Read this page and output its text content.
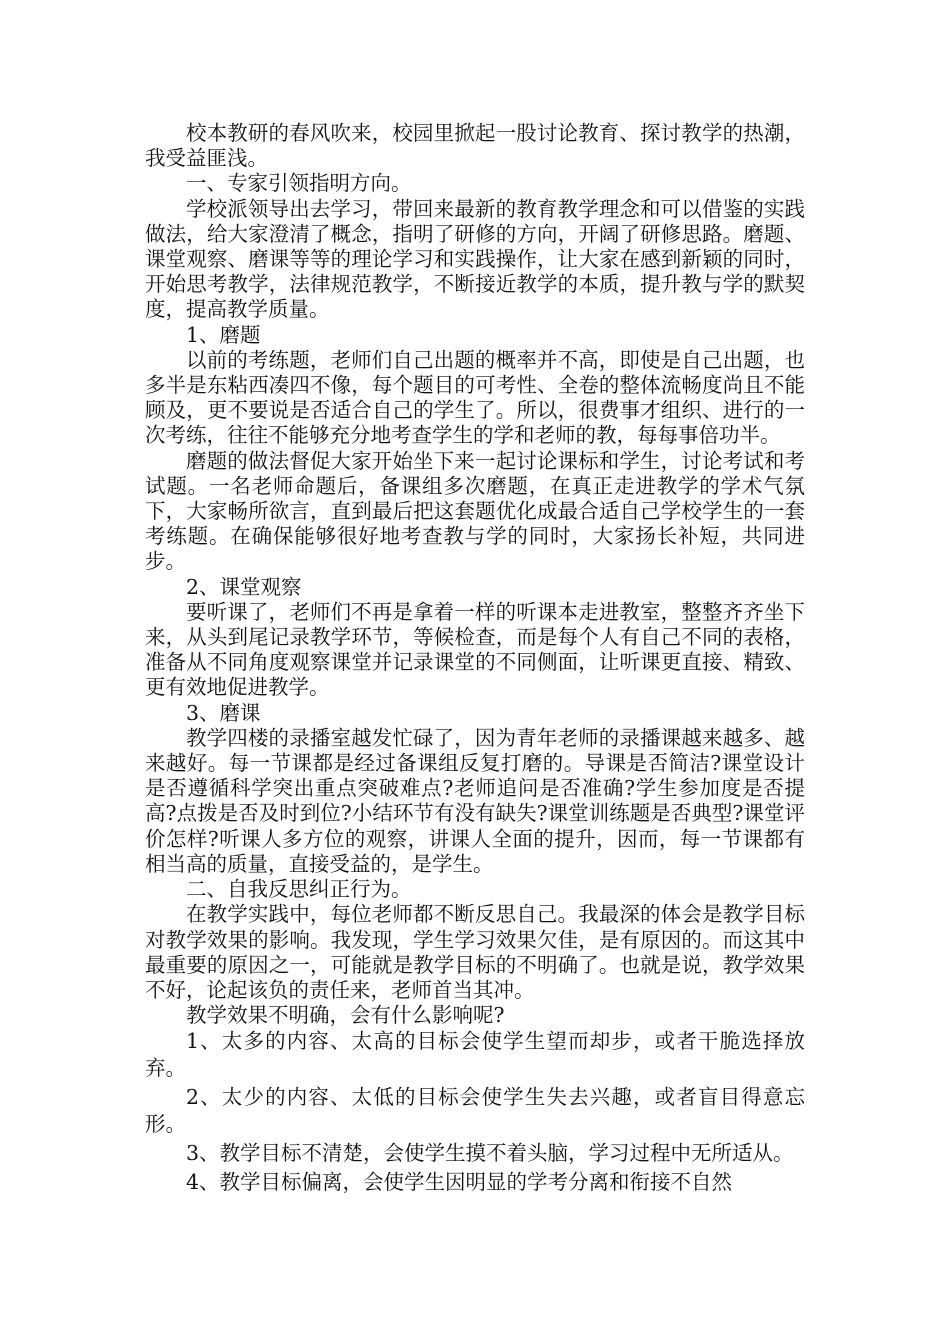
校本教研的春风吹来，校园里掀起一股讨论教育、探讨教学的热潮，我受益匪浅。

一、专家引领指明方向。

学校派领导出去学习，带回来最新的教育教学理念和可以借鉴的实践做法，给大家澄清了概念，指明了研修的方向，开阔了研修思路。磨题、课堂观察、磨课等等的理论学习和实践操作，让大家在感到新颖的同时，开始思考教学，法律规范教学，不断接近教学的本质，提升教与学的默契度，提高教学质量。

1、磨题

以前的考练题，老师们自己出题的概率并不高，即使是自己出题，也多半是东粘西凑四不像，每个题目的可考性、全卷的整体流畅度尚且不能顾及，更不要说是否适合自己的学生了。所以，很费事才组织、进行的一次考练，往往不能够充分地考查学生的学和老师的教，每每事倍功半。

磨题的做法督促大家开始坐下来一起讨论课标和学生，讨论考试和考试题。一名老师命题后，备课组多次磨题，在真正走进教学的学术气氛下，大家畅所欲言，直到最后把这套题优化成最合适自己学校学生的一套考练题。在确保能够很好地考查教与学的同时，大家扬长补短，共同进步。

2、课堂观察

要听课了，老师们不再是拿着一样的听课本走进教室，整整齐齐坐下来，从头到尾记录教学环节，等候检查，而是每个人有自己不同的表格，准备从不同角度观察课堂并记录课堂的不同侧面，让听课更直接、精致、更有效地促进教学。

3、磨课

教学四楼的录播室越发忙碌了，因为青年老师的录播课越来越多、越来越好。每一节课都是经过备课组反复打磨的。导课是否简洁?课堂设计是否遵循科学突出重点突破难点?老师追问是否准确?学生参加度是否提高?点拨是否及时到位?小结环节有没有缺失?课堂训练题是否典型?课堂评价怎样?听课人多方位的观察，讲课人全面的提升，因而，每一节课都有相当高的质量，直接受益的，是学生。

二、自我反思纠正行为。

在教学实践中，每位老师都不断反思自己。我最深的体会是教学目标对教学效果的影响。我发现，学生学习效果欠佳，是有原因的。而这其中最重要的原因之一，可能就是教学目标的不明确了。也就是说，教学效果不好，论起该负的责任来，老师首当其冲。

教学效果不明确，会有什么影响呢?

1、太多的内容、太高的目标会使学生望而却步，或者干脆选择放弃。

2、太少的内容、太低的目标会使学生失去兴趣，或者盲目得意忘形。

3、教学目标不清楚，会使学生摸不着头脑，学习过程中无所适从。

4、教学目标偏离，会使学生因明显的学考分离和衔接不自然
